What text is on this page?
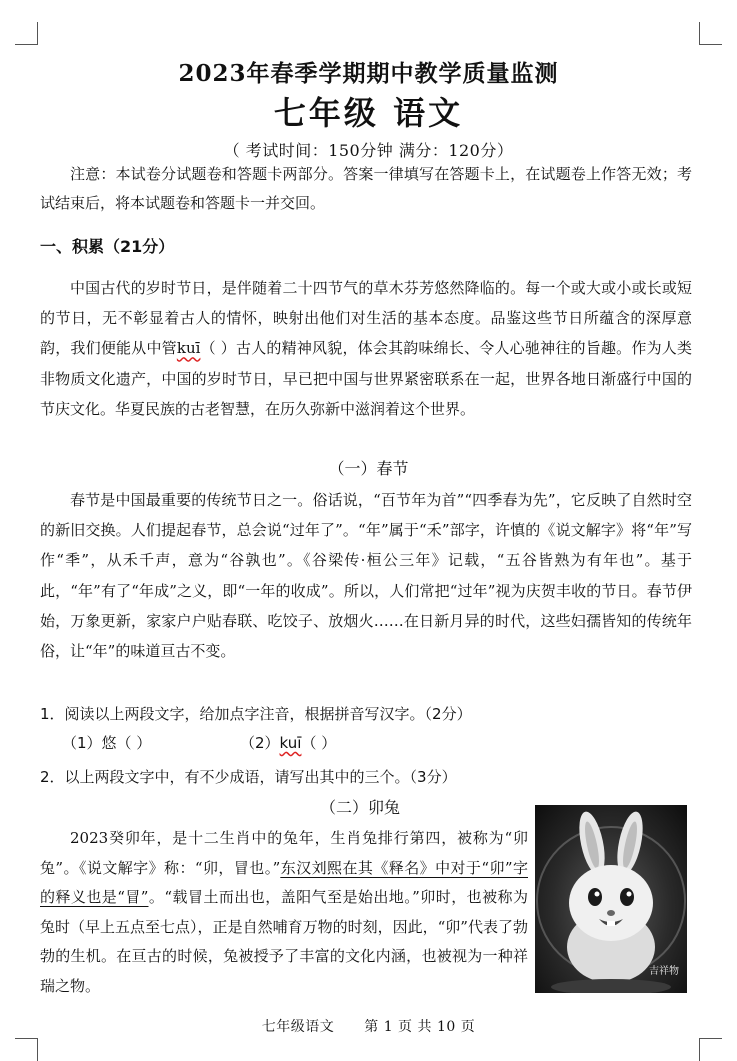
2023年春季学期期中教学质量监测
七年级 语文
（ 考试时间：150分钟 满分：120分）

注意：本试卷分试题卷和答题卡两部分。答案一律填写在答题卡上，在试题卷上作答无效；考试结束后，将本试题卷和答题卡一并交回。

一、积累（21分）

中国古代的岁时节日，是伴随着二十四节气的草木芬芳悠然降临的。每一个或大或小或长或短的节日，无不彰显着古人的情怀，映射出他们对生活的基本态度。品鉴这些节日所蕴含的深厚意韵，我们便能从中管kuī（ ）古人的精神风貌，体会其韵味绵长、令人心驰神往的旨趣。作为人类非物质文化遗产，中国的岁时节日，早已把中国与世界紧密联系在一起，世界各地日渐盛行中国的节庆文化。华夏民族的古老智慧，在历久弥新中滋润着这个世界。

（一）春节

春节是中国最重要的传统节日之一。俗话说，“百节年为首”“四季春为先”，它反映了自然时空的新旧交换。人们提起春节，总会说“过年了”。“年”属于“禾”部字，许慎的《说文解字》将“年”写作“秊”，从禾千声，意为“谷孰也”。《谷梁传·桓公三年》记载，“五谷皆熟为有年也”。基于此，“年”有了“年成”之义，即“一年的收成”。所以，人们常把“过年”视为庆贺丰收的节日。春节伊始，万象更新，家家户户贴春联、吃饺子、放烟火……在日新月异的时代，这些妇孺皆知的传统年俗，让“年”的味道亘古不变。

1．阅读以上两段文字，给加点字注音，根据拼音写汉字。（2分）
（1）悠（ ）	（2）kuī（ ）
2．以上两段文字中，有不少成语，请写出其中的三个。（3分）
（二）卯兔

2023癸卯年，是十二生肖中的兔年，生肖兔排行第四，被称为“卯兔”。《说文解字》称：“卯，冒也。”东汉刘熙在其《释名》中对于“卯”字的释义也是“冒”。“载冒土而出也，盖阳气至是始出地。”卯时，也被称为兔时（早上五点至七点），正是自然哺育万物的时刻，因此，“卯”代表了勃勃的生机。在亘古的时候，兔被授予了丰富的文化内涵，也被视为一种祥瑞之物。

吉祥物
七年级语文 第 1 页 共 10 页
